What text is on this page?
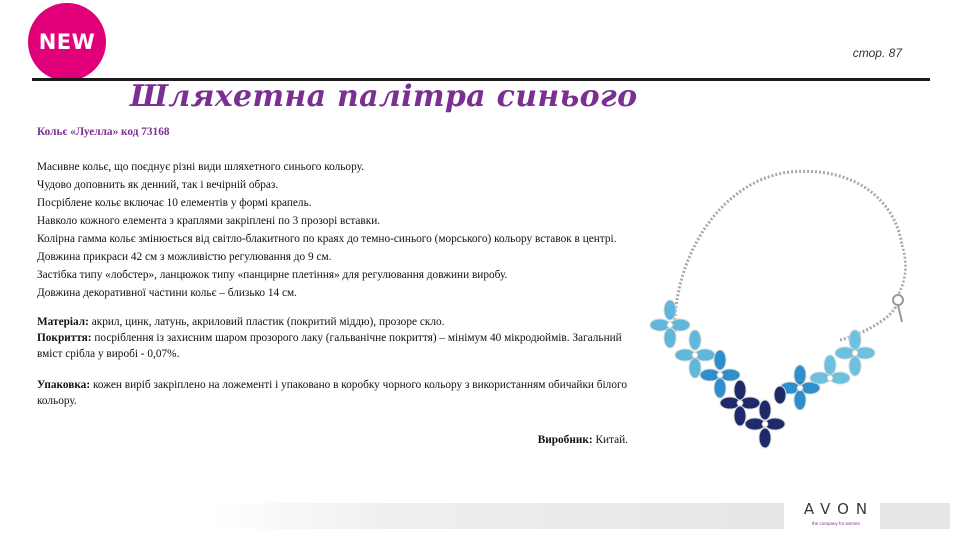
NEW	стор. 87
Шляхетна палітра синього
Кольє «Луелла» код 73168

Масивне кольє, що поєднує різні види шляхетного синього кольору.

Чудово доповнить як денний, так і вечірній образ.

Посріблене кольє включає 10 елементів у формі крапель.

Навколо кожного елемента з краплями закріплені по 3 прозорі вставки.

Колірна гамма кольє змінюється від світло-блакитного по краях до темно-синього (морського) кольору вставок в центрі.

Довжина прикраси 42 см з можливістю регулювання до 9 см.

Застібка типу «лобстер», ланцюжок типу «панцирне плетіння» для регулювання довжини виробу.

Довжина декоративної частини кольє – близько 14 см.

Матеріал: акрил, цинк, латунь, акриловий пластик (покритий міддю), прозоре скло.

Покриття: посріблення із захисним шаром прозорого лаку (гальванічне покриття) – мінімум 40 мікродюймів. Загальний вміст срібла у виробі - 0,07%.

Упаковка: кожен виріб закріплено на ложементі і упаковано в коробку чорного кольору з використанням обичайки білого кольору.

Виробник: Китай.
AVON
the company for women
